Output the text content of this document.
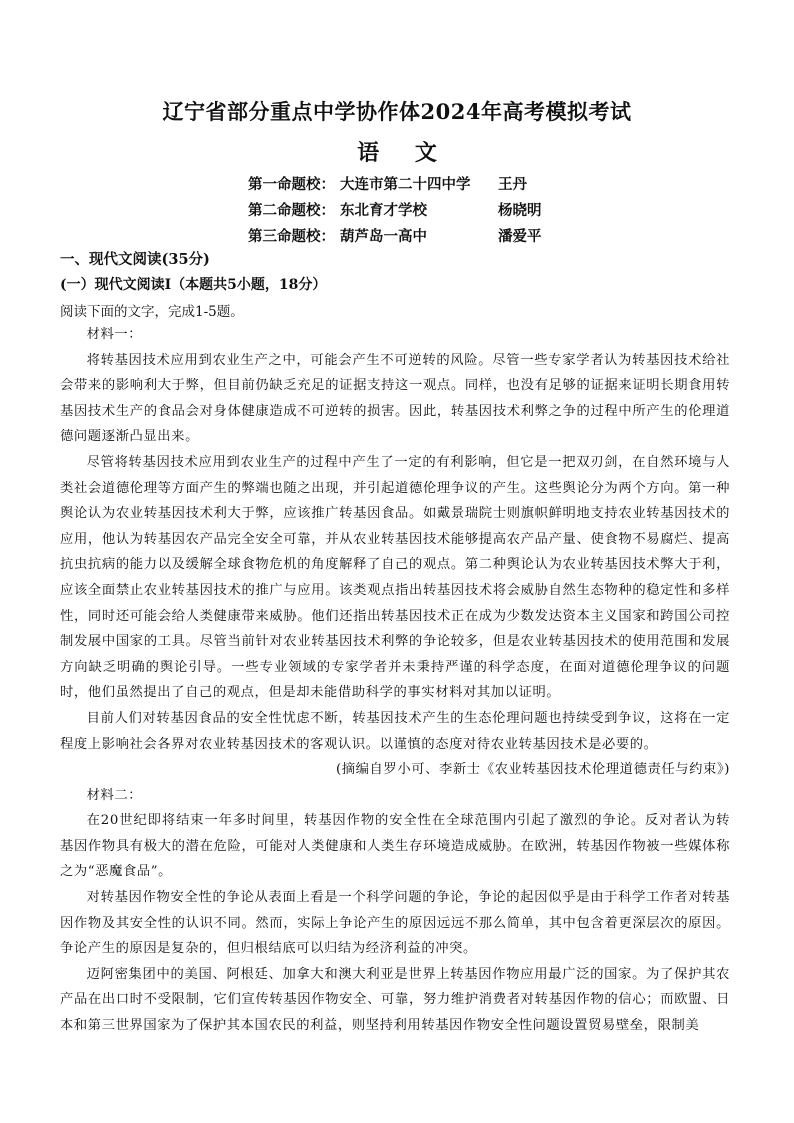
辽宁省部分重点中学协作体2024年高考模拟考试
语 文
第一命题校： 大连市第二十四中学 王丹
第二命题校： 东北育才学校	杨晓明
第三命题校： 葫芦岛一高中	潘爱平
一、现代文阅读(35分)
(一）现代文阅读Ⅰ（本题共5小题，18分）
阅读下面的文字，完成1-5题。

材料一：

将转基因技术应用到农业生产之中，可能会产生不可逆转的风险。尽管一些专家学者认为转基因技术给社会带来的影响利大于弊，但目前仍缺乏充足的证据支持这一观点。同样，也没有足够的证据来证明长期食用转基因技术生产的食品会对身体健康造成不可逆转的损害。因此，转基因技术利弊之争的过程中所产生的伦理道德问题逐渐凸显出来。

尽管将转基因技术应用到农业生产的过程中产生了一定的有利影响，但它是一把双刃剑，在自然环境与人类社会道德伦理等方面产生的弊端也随之出现，并引起道德伦理争议的产生。这些舆论分为两个方向。第一种舆论认为农业转基因技术利大于弊，应该推广转基因食品。如戴景瑞院士则旗帜鲜明地支持农业转基因技术的应用，他认为转基因农产品完全安全可靠，并从农业转基因技术能够提高农产品产量、使食物不易腐烂、提高抗虫抗病的能力以及缓解全球食物危机的角度解释了自己的观点。第二种舆论认为农业转基因技术弊大于利，应该全面禁止农业转基因技术的推广与应用。该类观点指出转基因技术将会威胁自然生态物种的稳定性和多样性，同时还可能会给人类健康带来威胁。他们还指出转基因技术正在成为少数发达资本主义国家和跨国公司控制发展中国家的工具。尽管当前针对农业转基因技术利弊的争论较多，但是农业转基因技术的使用范围和发展方向缺乏明确的舆论引导。一些专业领域的专家学者并未秉持严谨的科学态度，在面对道德伦理争议的问题时，他们虽然提出了自己的观点，但是却未能借助科学的事实材料对其加以证明。

目前人们对转基因食品的安全性忧虑不断，转基因技术产生的生态伦理问题也持续受到争议，这将在一定程度上影响社会各界对农业转基因技术的客观认识。以谨慎的态度对待农业转基因技术是必要的。

(摘编自罗小可、李新士《农业转基因技术伦理道德责任与约束》)

材料二：

在20世纪即将结束一年多时间里，转基因作物的安全性在全球范围内引起了激烈的争论。反对者认为转基因作物具有极大的潜在危险，可能对人类健康和人类生存环境造成威胁。在欧洲，转基因作物被一些媒体称之为“恶魔食品”。

对转基因作物安全性的争论从表面上看是一个科学问题的争论，争论的起因似乎是由于科学工作者对转基因作物及其安全性的认识不同。然而，实际上争论产生的原因远远不那么简单，其中包含着更深层次的原因。争论产生的原因是复杂的，但归根结底可以归结为经济利益的冲突。

迈阿密集团中的美国、阿根廷、加拿大和澳大利亚是世界上转基因作物应用最广泛的国家。为了保护其农产品在出口时不受限制，它们宣传转基因作物安全、可靠，努力维护消费者对转基因作物的信心；而欧盟、日本和第三世界国家为了保护其本国农民的利益，则坚持利用转基因作物安全性问题设置贸易壁垒，限制美
